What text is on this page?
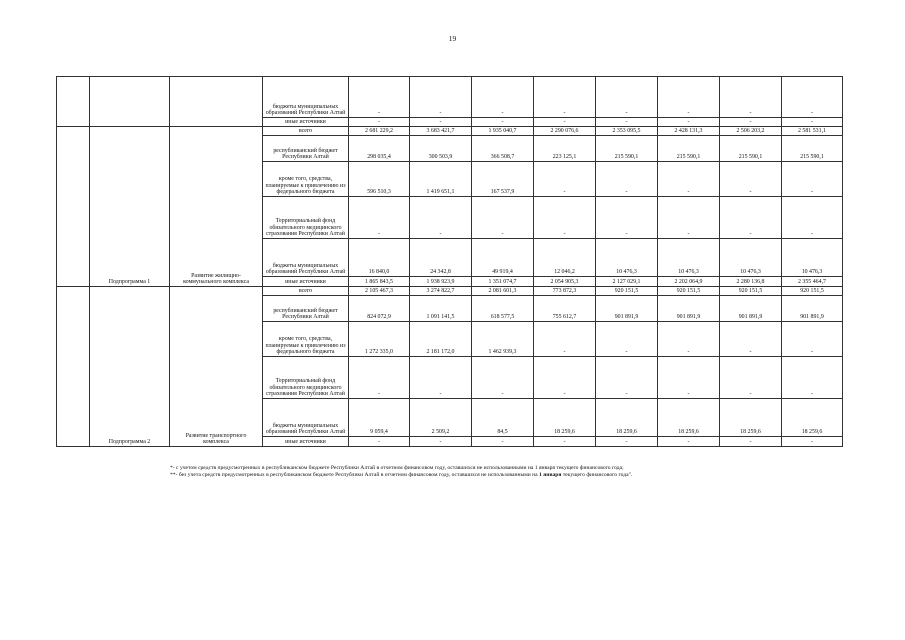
19
			бюджеты муниципальных образований Республики Алтай	-	-	-	-	-	-	-	-
			иные источники	-	-	-	-	-	-	-	-
	Подпрограмма 1	Развитие жилищно-коммунального комплекса	всего	2 681 229,2	3 683 421,7	1 935 040,7	2 290 076,6	2 353 095,5	2 428 131,3	2 506 203,2	2 581 531,1
			республиканский бюджет Республики Алтай	298 035,4	300 503,9	366 508,7	223 125,1	215 590,1	215 590,1	215 590,1	215 590,1
			кроме того, средства, планируемые к привлечению из федерального бюджета	596 510,3	1 419 651,1	167 537,9	-	-	-	-	-
			Территориальный фонд обязательного медицинского страхования Республики Алтай	-	-	-	-	-	-	-	-
			бюджеты муниципальных образований Республики Алтай	16 840,0	24 342,8	49 919,4	12 046,2	10 476,3	10 476,3	10 476,3	10 476,3
			иные источники	1 865 843,5	1 938 923,9	1 351 074,7	2 054 905,3	2 127 029,1	2 202 064,9	2 280 136,8	2 355 464,7
	Подпрограмма 2	Развитие транспортного комплекса	всего	2 105 467,3	3 274 822,7	2 081 601,3	773 872,3	920 151,5	920 151,5	920 151,5	920 151,5
			республиканский бюджет Республики Алтай	824 072,9	1 091 141,5	618 577,5	755 612,7	901 891,9	901 891,9	901 891,9	901 891,9
			кроме того, средства, планируемые к привлечению из федерального бюджета	1 272 335,0	2 181 172,0	1 462 939,3	-	-	-	-	-
			Территориальный фонд обязательного медицинского страхования Республики Алтай	-	-	-	-	-	-	-	-
			бюджеты муниципальных образований Республики Алтай	9 059,4	2 509,2	84,5	18 259,6	18 259,6	18 259,6	18 259,6	18 259,6
			иные источники	-	-	-	-	-	-	-	-
*- с учетом средств предусмотренных в республиканском бюджете Республики Алтай в отчетном финансовом году, оставшихся не использованными на 1 января текущего финансового года;
**- без учета средств предусмотренных в республиканском бюджете Республики Алтай в отчетном финансовом году, оставшихся не использованными на 1 января текущего финансового года".
